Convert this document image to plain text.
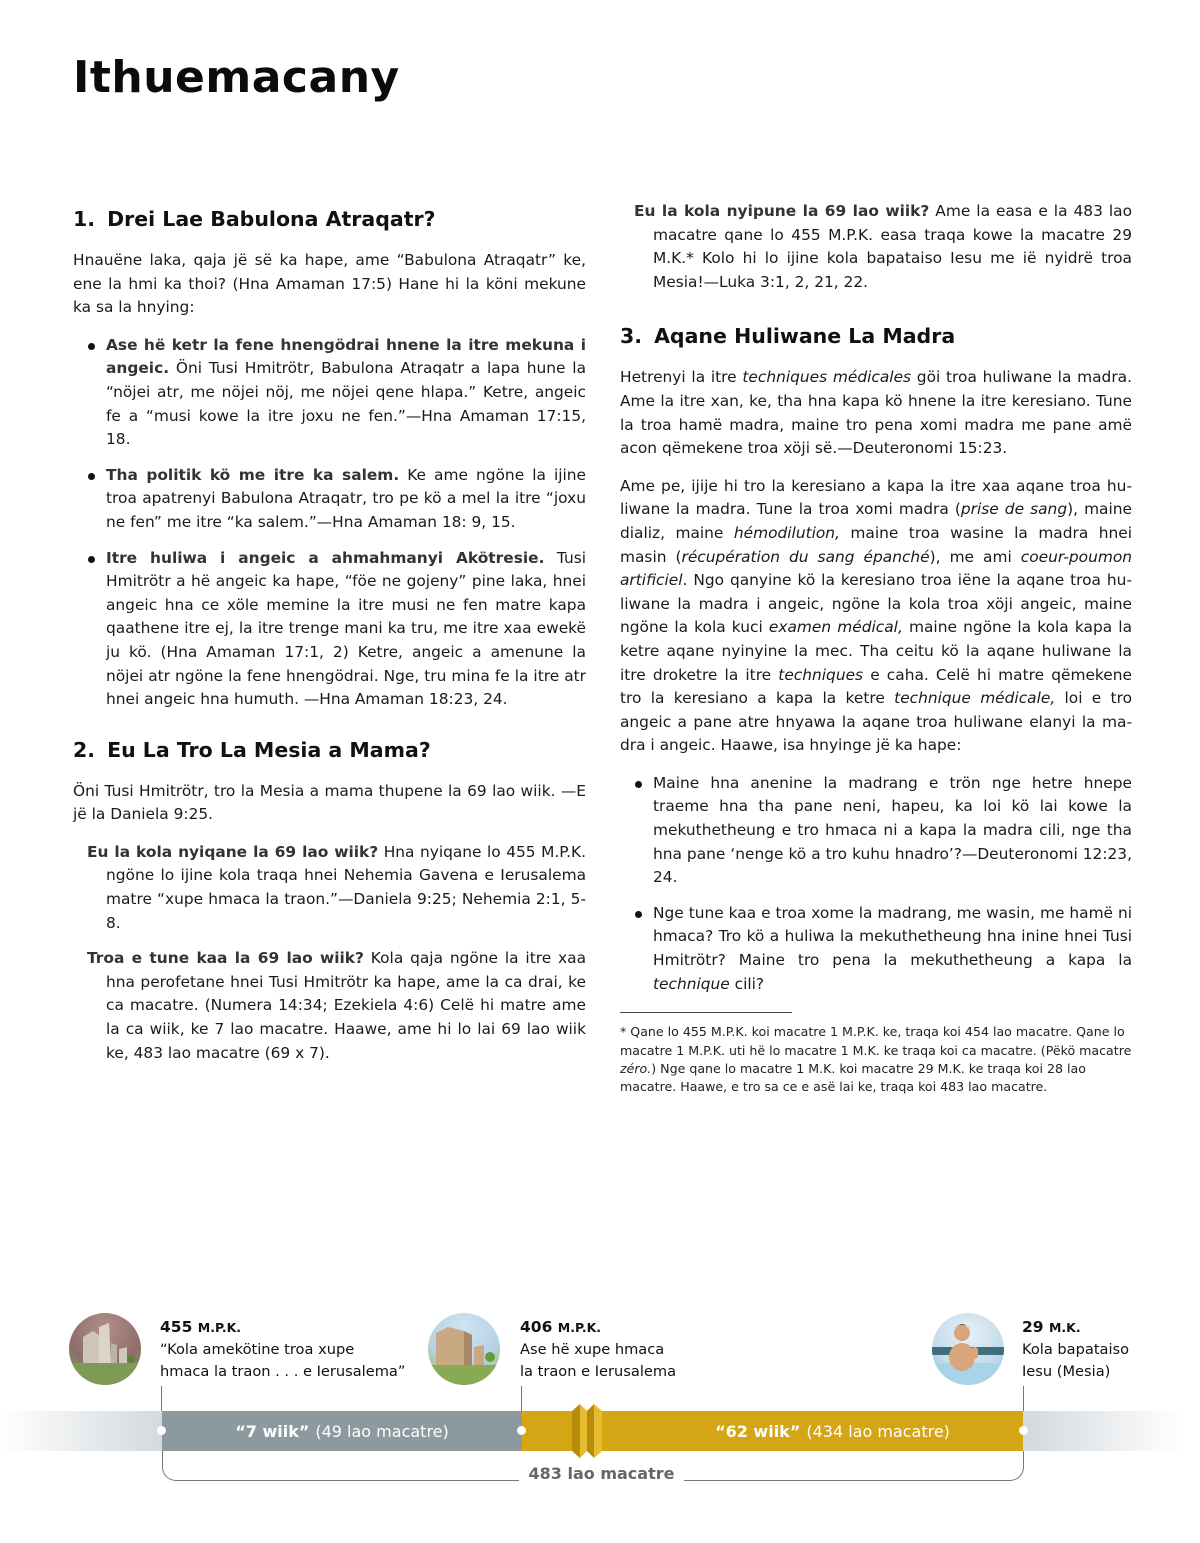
Ithuemacany
1. Drei Lae Babulona Atraqatr?

Hnauëne laka, qaja jë së ka hape, ame “Babulona Atraqatr” ke, ene la hmi ka thoi? (Hna Amaman 17:5) Hane hi la köni mekune ka sa la hnying:

Ase hë ketr la fene hnengödrai hnene la itre mekuna i angeic. Öni Tusi Hmitrötr, Babulona Atraqatr a lapa hune la “nöjei atr, me nöjei nöj, me nöjei qene hlapa.” Ketre, angeic fe a “musi kowe la itre joxu ne fen.”—Hna Amaman 17:15, 18.
Tha politik kö me itre ka salem. Ke ame ngöne la ijine troa apatrenyi Babulona Atraqatr, tro pe kö a mel la itre “joxu ne fen” me itre “ka salem.”—Hna Amaman 18: 9, 15.
Itre huliwa i angeic a ahmahmanyi Akötresie. Tusi Hmitrötr a hë angeic ka hape, “föe ne gojeny” pine laka, hnei angeic hna ce xöle memine la itre musi ne fen matre kapa qaathene itre ej, la itre trenge mani ka tru, me itre xaa ewekë ju kö. (Hna Amaman 17:1, 2) Ketre, angeic a amenune la nöjei atr ngöne la fene hnengödrai. Nge, tru mina fe la itre atr hnei angeic hna humuth. —Hna Amaman 18:23, 24.
2. Eu La Tro La Mesia a Mama?

Öni Tusi Hmitrötr, tro la Mesia a mama thupene la 69 lao wiik. —E jë la Daniela 9:25.

Eu la kola nyiqane la 69 lao wiik? Hna nyiqane lo 455 M.P.K. ngöne lo ijine kola traqa hnei Nehemia Gavena e Ierusalema matre “xupe hmaca la traon.”—Daniela 9:25; Nehemia 2:1, 5-8.

Troa e tune kaa la 69 lao wiik? Kola qaja ngöne la itre xaa hna perofetane hnei Tusi Hmitrötr ka hape, ame la ca drai, ke ca macatre. (Numera 14:34; Ezekiela 4:6) Celë hi matre ame la ca wiik, ke 7 lao macatre. Haawe, ame hi lo lai 69 lao wiik ke, 483 lao macatre (69 x 7).

Eu la kola nyipune la 69 lao wiik? Ame la easa e la 483 lao macatre qane lo 455 M.P.K. easa traqa kowe la macatre 29 M.K.* Kolo hi lo ijine kola bapataiso Iesu me ië nyidrë troa Mesia!—Luka 3:1, 2, 21, 22.

3. Aqane Huliwane La Madra

Hetrenyi la itre techniques médicales göi troa huliwane la madra. Ame la itre xan, ke, tha hna kapa kö hnene la itre keresiano. Tune la troa hamë madra, maine tro pena xomi madra me pane amë acon qëmekene troa xöji së.—Deuteronomi 15:23.

Ame pe, ijije hi tro la keresiano a kapa la itre xaa aqane troa huliwane la madra. Tune la troa xomi madra (prise de sang), maine dializ, maine hémodilution, maine troa wasine la madra hnei masin (récupération du sang épanché), me ami coeur-poumon artificiel. Ngo qanyine kö la keresiano troa iëne la aqane troa huliwane la madra i angeic, ngöne la kola troa xöji angeic, maine ngöne la kola kuci examen médical, maine ngöne la kola kapa la ketre aqane nyinyine la mec. Tha ceitu kö la aqane huliwane la itre droketre la itre techniques e caha. Celë hi matre qëmekene tro la keresiano a kapa la ketre technique médicale, loi e tro angeic a pane atre hnyawa la aqane troa huliwane elanyi la madra i angeic. Haawe, isa hnyinge jë ka hape:

Maine hna anenine la madrang e trön nge hetre hnepe traeme hna tha pane neni, hapeu, ka loi kö lai kowe la mekuthetheung e tro hmaca ni a kapa la madra cili, nge tha hna pane ‘nenge kö a tro kuhu hnadro’?—Deuteronomi 12:23, 24.
Nge tune kaa e troa xome la madrang, me wasin, me hamë ni hmaca? Tro kö a huliwa la mekuthetheung hna inine hnei Tusi Hmitrötr? Maine tro pena la mekuthetheung a kapa la technique cili?

* Qane lo 455 M.P.K. koi macatre 1 M.P.K. ke, traqa koi 454 lao macatre. Qane lo macatre 1 M.P.K. uti hë lo macatre 1 M.K. ke traqa koi ca macatre. (Pëkö macatre zéro.) Nge qane lo macatre 1 M.K. koi macatre 29 M.K. ke traqa koi 28 lao macatre. Haawe, e tro sa ce e asë lai ke, traqa koi 483 lao macatre.

455 M.P.K.
“Kola amekötine troa xupe
hmaca la traon . . . e Ierusalema”
406 M.P.K.
Ase hë xupe hmaca
la traon e Ierusalema
29 M.K.
Kola bapataiso
Iesu (Mesia)
“7 wiik” (49 lao macatre)	“62 wiik” (434 lao macatre)
483 lao macatre
